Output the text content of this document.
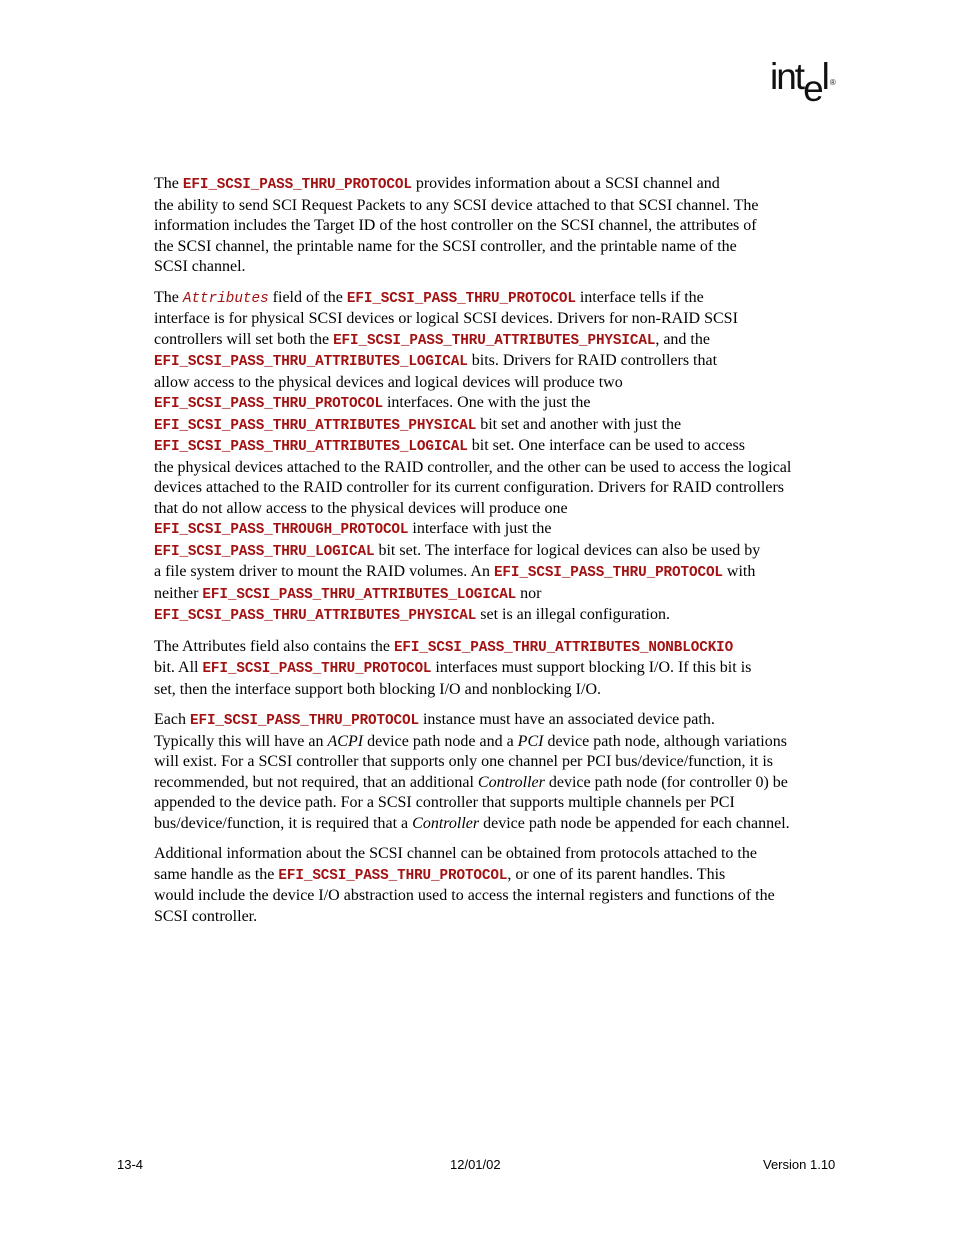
intel ®

The EFI_SCSI_PASS_THRU_PROTOCOL provides information about a SCSI channel and
the ability to send SCI Request Packets to any SCSI device attached to that SCSI channel. The
information includes the Target ID of the host controller on the SCSI channel, the attributes of
the SCSI channel, the printable name for the SCSI controller, and the printable name of the
SCSI channel.

The Attributes field of the EFI_SCSI_PASS_THRU_PROTOCOL interface tells if the
interface is for physical SCSI devices or logical SCSI devices. Drivers for non-RAID SCSI
controllers will set both the EFI_SCSI_PASS_THRU_ATTRIBUTES_PHYSICAL, and the
EFI_SCSI_PASS_THRU_ATTRIBUTES_LOGICAL bits. Drivers for RAID controllers that
allow access to the physical devices and logical devices will produce two
EFI_SCSI_PASS_THRU_PROTOCOL interfaces. One with the just the
EFI_SCSI_PASS_THRU_ATTRIBUTES_PHYSICAL bit set and another with just the
EFI_SCSI_PASS_THRU_ATTRIBUTES_LOGICAL bit set. One interface can be used to access
the physical devices attached to the RAID controller, and the other can be used to access the logical
devices attached to the RAID controller for its current configuration. Drivers for RAID controllers
that do not allow access to the physical devices will produce one
EFI_SCSI_PASS_THROUGH_PROTOCOL interface with just the
EFI_SCSI_PASS_THRU_LOGICAL bit set. The interface for logical devices can also be used by
a file system driver to mount the RAID volumes. An EFI_SCSI_PASS_THRU_PROTOCOL with
neither EFI_SCSI_PASS_THRU_ATTRIBUTES_LOGICAL nor
EFI_SCSI_PASS_THRU_ATTRIBUTES_PHYSICAL set is an illegal configuration.

The Attributes field also contains the EFI_SCSI_PASS_THRU_ATTRIBUTES_NONBLOCKIO
bit. All EFI_SCSI_PASS_THRU_PROTOCOL interfaces must support blocking I/O. If this bit is
set, then the interface support both blocking I/O and nonblocking I/O.

Each EFI_SCSI_PASS_THRU_PROTOCOL instance must have an associated device path.
Typically this will have an ACPI device path node and a PCI device path node, although variations
will exist. For a SCSI controller that supports only one channel per PCI bus/device/function, it is
recommended, but not required, that an additional Controller device path node (for controller 0) be
appended to the device path. For a SCSI controller that supports multiple channels per PCI
bus/device/function, it is required that a Controller device path node be appended for each channel.

Additional information about the SCSI channel can be obtained from protocols attached to the
same handle as the EFI_SCSI_PASS_THRU_PROTOCOL, or one of its parent handles. This
would include the device I/O abstraction used to access the internal registers and functions of the
SCSI controller.

13-4	12/01/02	Version 1.10
